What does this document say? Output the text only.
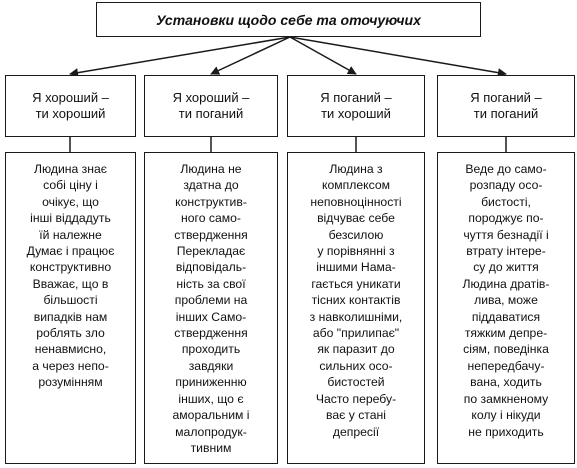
Установки щодо себе та оточуючих
Я хороший –
ти хороший
Я хороший –
ти поганий
Я поганий –
ти хороший
Я поганий –
ти поганий
Людина знає
собі ціну і
очікує, що
інші віддадуть
їй належне
Думає і працює
конструктивно
Вважає, що в
більшості
випадків нам
роблять зло
ненавмисно,
а через непо-
розумінням
Людина не
здатна до
конструктив-
ного само-
ствердження
Перекладає
відповідаль-
ність за свої
проблеми на
інших Само-
ствердження
проходить
завдяки
приниженню
інших, що є
аморальним і
малопродук-
тивним
Людина з
комплексом
неповноцінності
відчуває себе
безсилою
у порівнянні з
іншими Нама-
гається уникати
тісних контактів
з навколишніми,
або "прилипає"
як паразит до
сильних осо-
бистостей
Часто перебу-
ває у стані
депресії
Веде до само-
розпаду осо-
бистості,
породжує по-
чуття безнадії і
втрату інтере-
су до життя
Людина дратів-
лива, може
піддаватися
тяжким депре-
сіям, поведінка
непередбачу-
вана, ходить
по замкненому
колу і нікуди
не приходить
